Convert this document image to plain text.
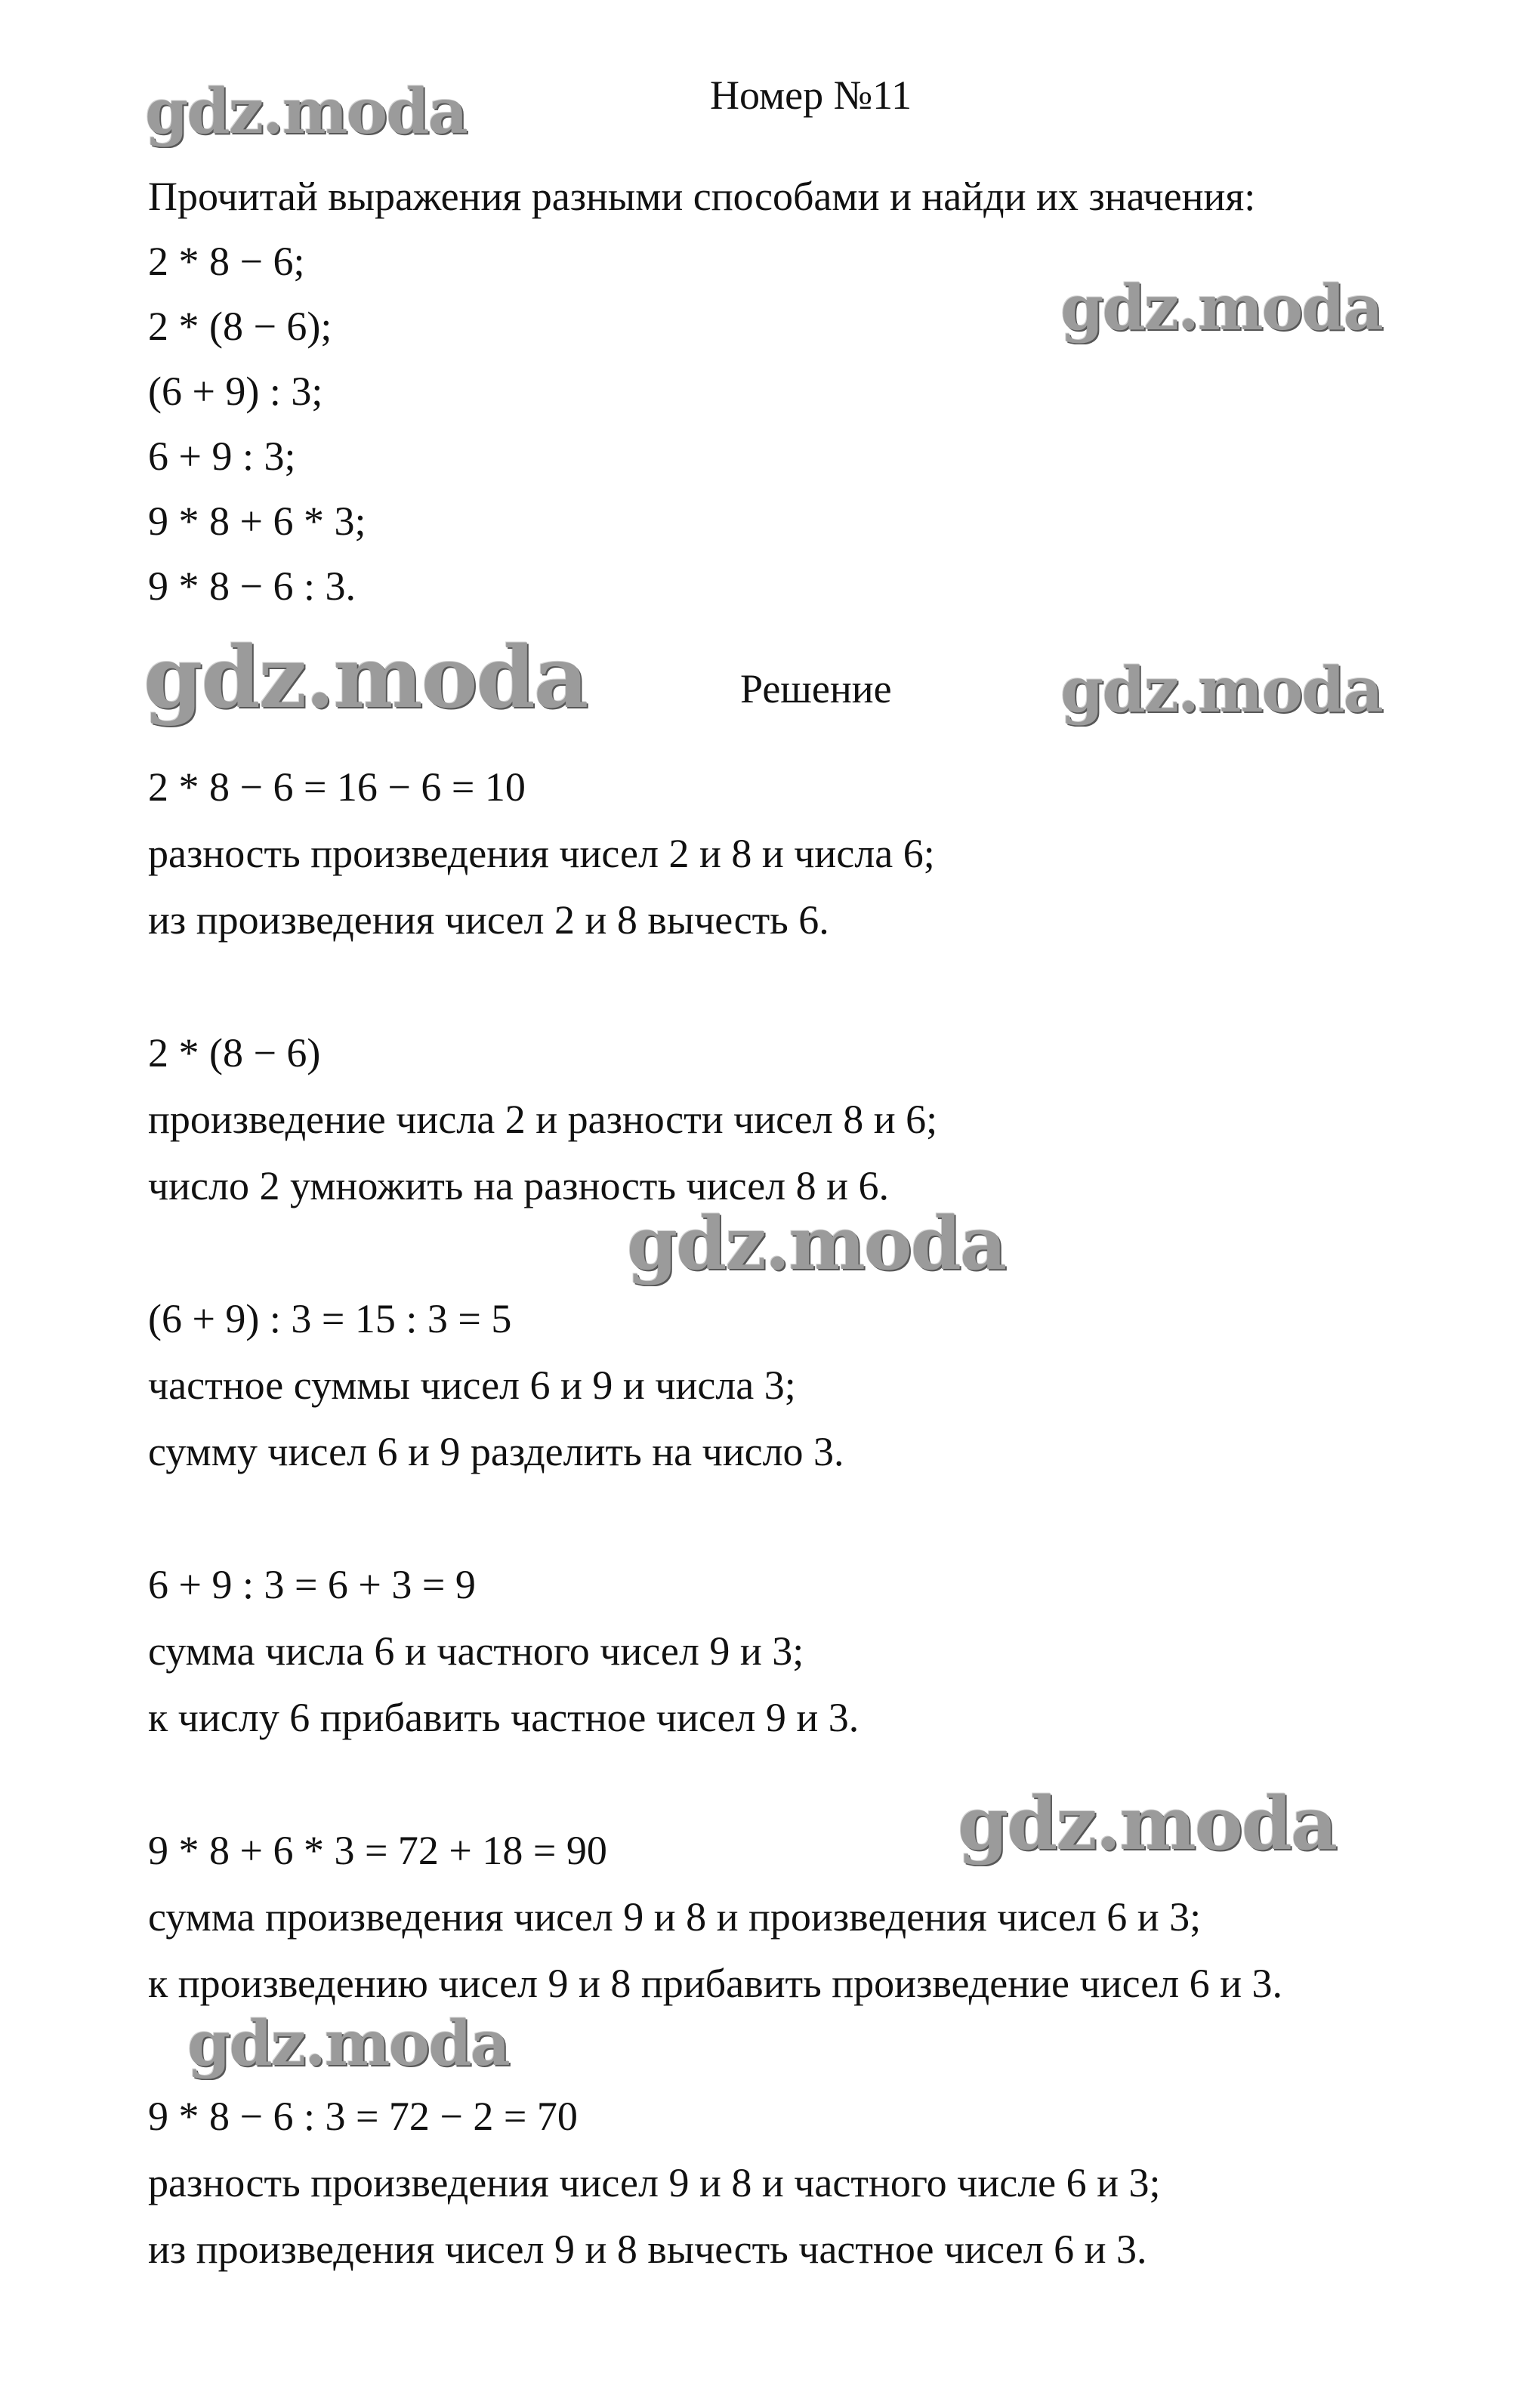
Номер №11

Прочитай выражения разными способами и найди их значения:

2 * 8 − 6;

2 * (8 − 6);

(6 + 9) : 3;

6 + 9 : 3;

9 * 8 + 6 * 3;

9 * 8 − 6 : 3.

Решение

2 * 8 − 6 = 16 − 6 = 10

разность произведения чисел 2 и 8 и числа 6;

из произведения чисел 2 и 8 вычесть 6.

2 * (8 − 6)

произведение числа 2 и разности чисел 8 и 6;

число 2 умножить на разность чисел 8 и 6.

(6 + 9) : 3 = 15 : 3 = 5

частное суммы чисел 6 и 9 и числа 3;

сумму чисел 6 и 9 разделить на число 3.

6 + 9 : 3 = 6 + 3 = 9

сумма числа 6 и частного чисел 9 и 3;

к числу 6 прибавить частное чисел 9 и 3.

9 * 8 + 6 * 3 = 72 + 18 = 90

сумма произведения чисел 9 и 8 и произведения чисел 6 и 3;

к произведению чисел 9 и 8 прибавить произведение чисел 6 и 3.

9 * 8 − 6 : 3 = 72 − 2 = 70

разность произведения чисел 9 и 8 и частного числе 6 и 3;

из произведения чисел 9 и 8 вычесть частное чисел 6 и 3.

gdz.moda
gdz.moda
gdz.moda	gdz.moda
gdz.moda
gdz.moda
gdz.moda
